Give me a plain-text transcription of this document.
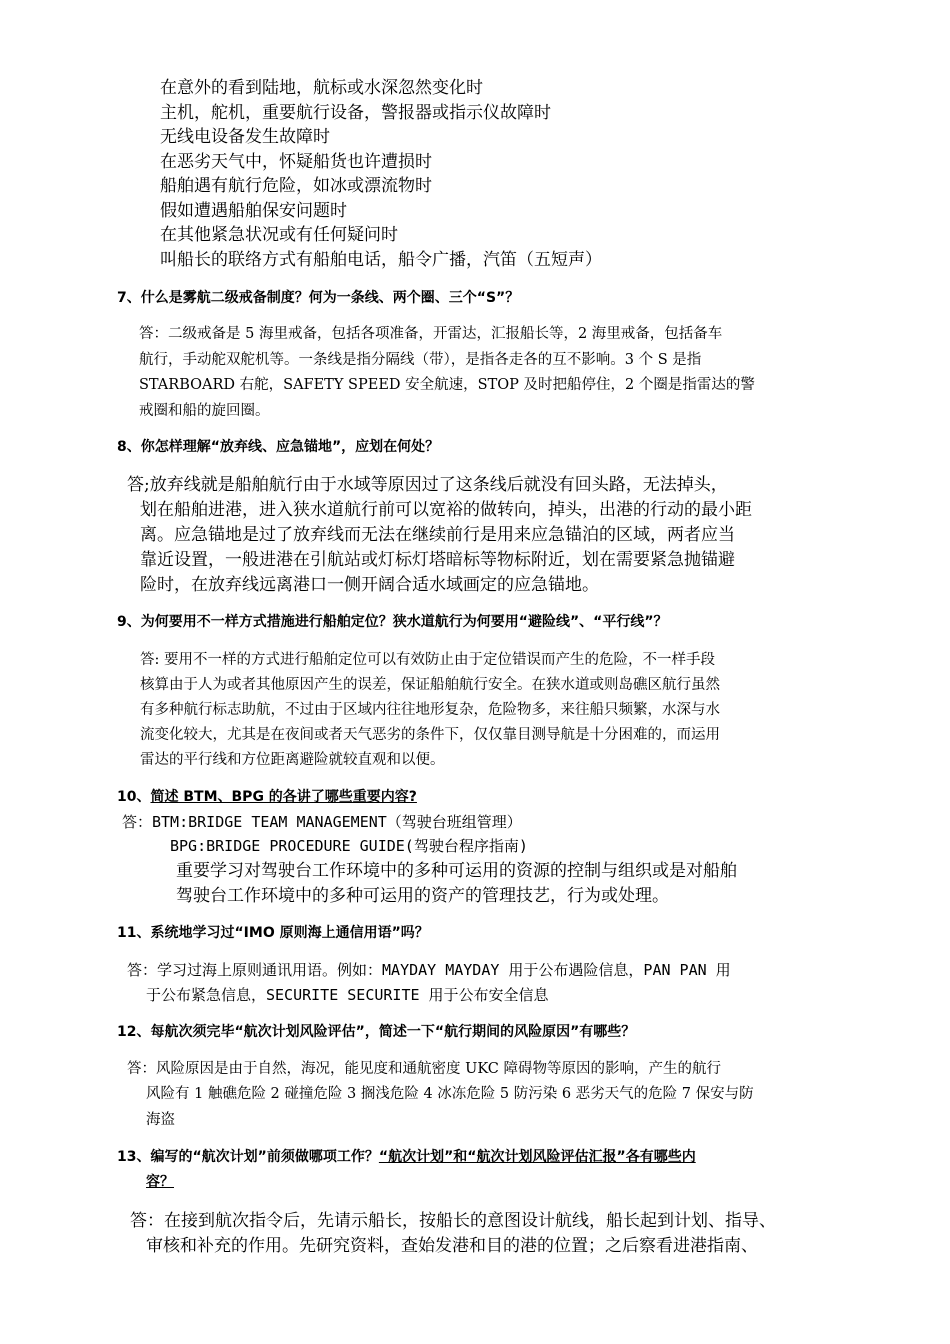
在意外的看到陆地，航标或水深忽然变化时
主机，舵机，重要航行设备，警报器或指示仪故障时
无线电设备发生故障时
在恶劣天气中，怀疑船货也许遭损时
船舶遇有航行危险，如冰或漂流物时
假如遭遇船舶保安问题时
在其他紧急状况或有任何疑问时
叫船长的联络方式有船舶电话，船令广播，汽笛（五短声）
7、什么是雾航二级戒备制度？何为一条线、两个圈、三个“S”？
答：二级戒备是 5 海里戒备，包括各项准备，开雷达，汇报船长等，2 海里戒备，包括备车
航行，手动舵双舵机等。一条线是指分隔线（带），是指各走各的互不影响。3 个 S 是指
STARBOARD 右舵，SAFETY SPEED 安全航速，STOP 及时把船停住，2 个圈是指雷达的警
戒圈和船的旋回圈。
8、你怎样理解“放弃线、应急锚地”，应划在何处？
答;放弃线就是船舶航行由于水域等原因过了这条线后就没有回头路，无法掉头，
划在船舶进港，进入狭水道航行前可以宽裕的做转向，掉头，出港的行动的最小距
离。应急锚地是过了放弃线而无法在继续前行是用来应急锚泊的区域，两者应当
靠近设置，一般进港在引航站或灯标灯塔暗标等物标附近，划在需要紧急抛锚避
险时，在放弃线远离港口一侧开阔合适水域画定的应急锚地。
9、为何要用不一样方式措施进行船舶定位？狭水道航行为何要用“避险线”、“平行线”？
答: 要用不一样的方式进行船舶定位可以有效防止由于定位错误而产生的危险，不一样手段
核算由于人为或者其他原因产生的误差，保证船舶航行安全。在狭水道或则岛礁区航行虽然
有多种航行标志助航，不过由于区域内往往地形复杂，危险物多，来往船只频繁，水深与水
流变化较大，尤其是在夜间或者天气恶劣的条件下，仅仅靠目测导航是十分困难的，而运用
雷达的平行线和方位距离避险就较直观和以便。
10、简述 BTM、BPG 的各讲了哪些重要内容?
答：BTM:BRIDGE TEAM MANAGEMENT（驾驶台班组管理）
BPG:BRIDGE PROCEDURE GUIDE(驾驶台程序指南)
重要学习对驾驶台工作环境中的多种可运用的资源的控制与组织或是对船舶
驾驶台工作环境中的多种可运用的资产的管理技艺，行为或处理。
11、系统地学习过“IMO 原则海上通信用语”吗？
答：学习过海上原则通讯用语。例如：MAYDAY MAYDAY 用于公布遇险信息，PAN PAN 用
于公布紧急信息，SECURITE SECURITE 用于公布安全信息
12、每航次须完毕“航次计划风险评估”，简述一下“航行期间的风险原因”有哪些？
答：风险原因是由于自然，海况，能见度和通航密度 UKC 障碍物等原因的影响，产生的航行
风险有 1 触礁危险 2 碰撞危险 3 搁浅危险 4 冰冻危险 5 防污染 6 恶劣天气的危险 7 保安与防
海盗
13、编写的“航次计划”前须做哪项工作？“航次计划”和“航次计划风险评估汇报”各有哪些内
容？
答：在接到航次指令后，先请示船长，按船长的意图设计航线，船长起到计划、指导、
审核和补充的作用。先研究资料，查始发港和目的港的位置；之后察看进港指南、
